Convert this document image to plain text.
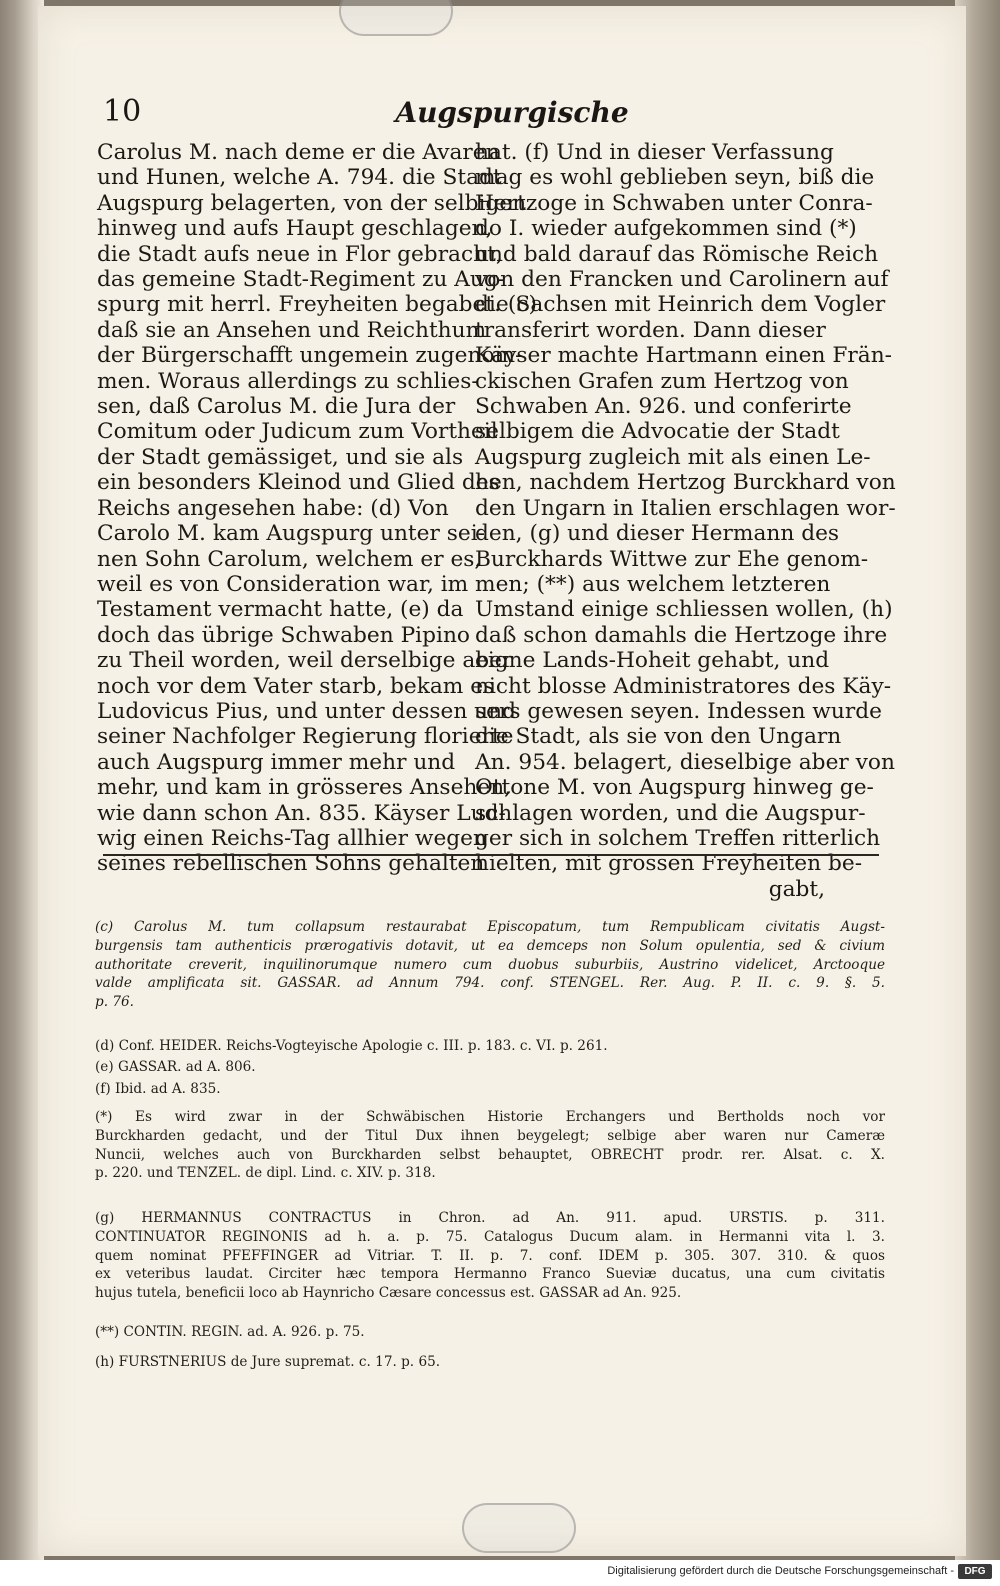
10	Augspurgische
Carolus M. nach deme er die Avaren
und Hunen, welche A. 794. die Stadt
Augspurg belagerten, von der selbigen
hinweg und aufs Haupt geschlagen,
die Stadt aufs neue in Flor gebracht,
das gemeine Stadt-Regiment zu Aug-
spurg mit herrl. Freyheiten begabet. (c)
daß sie an Ansehen und Reichthum
der Bürgerschafft ungemein zugenom-
men. Woraus allerdings zu schlies-
sen, daß Carolus M. die Jura der
Comitum oder Judicum zum Vortheil
der Stadt gemässiget, und sie als
ein besonders Kleinod und Glied des
Reichs angesehen habe: (d) Von
Carolo M. kam Augspurg unter sei-
nen Sohn Carolum, welchem er es,
weil es von Consideration war, im
Testament vermacht hatte, (e) da
doch das übrige Schwaben Pipino
zu Theil worden, weil derselbige aber
noch vor dem Vater starb, bekam es
Ludovicus Pius, und unter dessen und
seiner Nachfolger Regierung florierte
auch Augspurg immer mehr und
mehr, und kam in grösseres Ansehen,
wie dann schon An. 835. Käyser Lud-
wig einen Reichs-Tag allhier wegen
seines rebellischen Sohns gehalten
hat. (f) Und in dieser Verfassung
mag es wohl geblieben seyn, biß die
Hertzoge in Schwaben unter Conra-
do I. wieder aufgekommen sind (*)
und bald darauf das Römische Reich
von den Francken und Carolinern auf
die Sachsen mit Heinrich dem Vogler
transferirt worden. Dann dieser
Käyser machte Hartmann einen Frän-
ckischen Grafen zum Hertzog von
Schwaben An. 926. und conferirte
selbigem die Advocatie der Stadt
Augspurg zugleich mit als einen Le-
hen, nachdem Hertzog Burckhard von
den Ungarn in Italien erschlagen wor-
den, (g) und dieser Hermann des
Burckhards Wittwe zur Ehe genom-
men; (**) aus welchem letzteren
Umstand einige schliessen wollen, (h)
daß schon damahls die Hertzoge ihre
eigne Lands-Hoheit gehabt, und
nicht blosse Administratores des Käy-
sers gewesen seyen. Indessen wurde
die Stadt, als sie von den Ungarn
An. 954. belagert, dieselbige aber von
Ottone M. von Augspurg hinweg ge-
schlagen worden, und die Augspur-
ger sich in solchem Treffen ritterlich
hielten, mit grossen Freyheiten be-
gabt,
(c) Carolus M. tum collapsum restaurabat Episcopatum, tum Rempublicam civitatis Augst-
burgensis tam authenticis prærogativis dotavit, ut ea demceps non Solum opulentia, sed & civium
authoritate creverit, inquilinorumque numero cum duobus suburbiis, Austrino videlicet, Arctooque
valde amplificata sit. GASSAR. ad Annum 794. conf. STENGEL. Rer. Aug. P. II. c. 9. §. 5.
p. 76.
(d) Conf. HEIDER. Reichs-Vogteyische Apologie c. III. p. 183. c. VI. p. 261.
(e) GASSAR. ad A. 806.
(f) Ibid. ad A. 835.
(*) Es wird zwar in der Schwäbischen Historie Erchangers und Bertholds noch vor
Burckharden gedacht, und der Titul Dux ihnen beygelegt; selbige aber waren nur Cameræ
Nuncii, welches auch von Burckharden selbst behauptet, OBRECHT prodr. rer. Alsat. c. X.
p. 220. und TENZEL. de dipl. Lind. c. XIV. p. 318.
(g) HERMANNUS CONTRACTUS in Chron. ad An. 911. apud. URSTIS. p. 311.
CONTINUATOR REGINONIS ad h. a. p. 75. Catalogus Ducum alam. in Hermanni vita l. 3.
quem nominat PFEFFINGER ad Vitriar. T. II. p. 7. conf. IDEM p. 305. 307. 310. & quos
ex veteribus laudat. Circiter hæc tempora Hermanno Franco Sueviæ ducatus, una cum civitatis
hujus tutela, beneficii loco ab Haynricho Cæsare concessus est. GASSAR ad An. 925.
(**) CONTIN. REGIN. ad. A. 926. p. 75.
(h) FURSTNERIUS de Jure supremat. c. 17. p. 65.
Digitalisierung gefördert durch die Deutsche Forschungsgemeinschaft -	DFG
